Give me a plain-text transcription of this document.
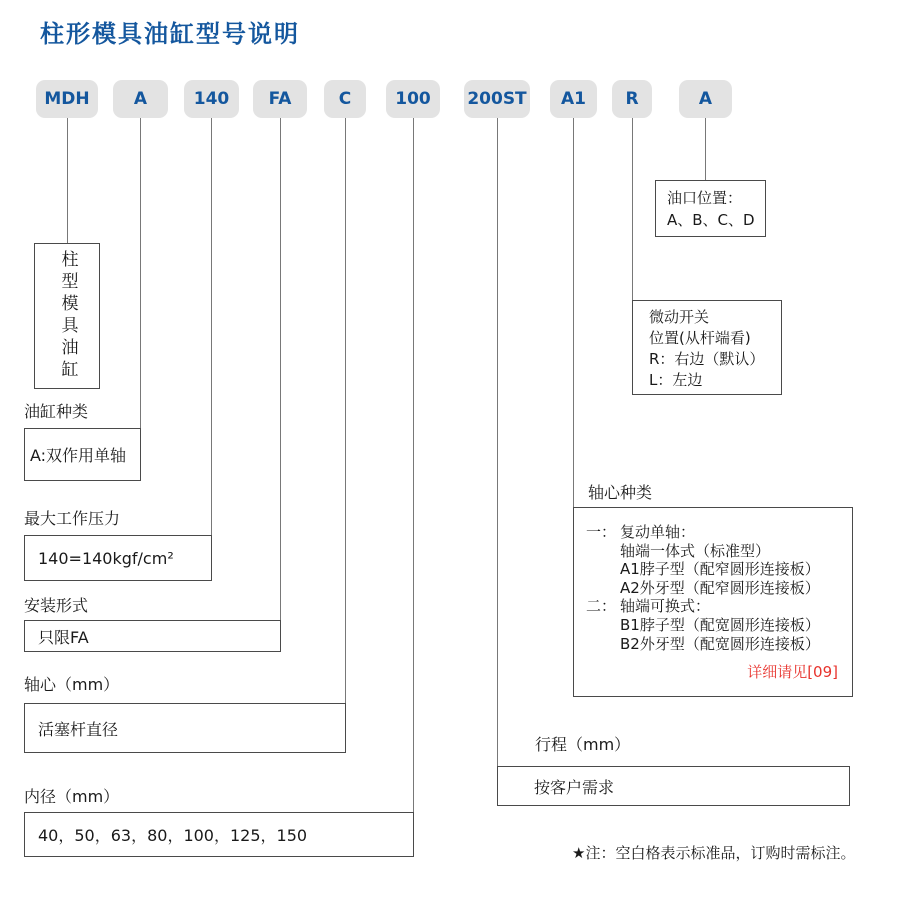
柱形模具油缸型号说明
MDH	A	140	FA	C	100	200ST	A1	R	A
柱型模具油缸
油缸种类
A:双作用单轴
最大工作压力
140=140kgf/cm²
安装形式
只限FA
轴心（mm）
活塞杆直径
内径（mm）
40，50，63，80，100，125，150
行程（mm）
按客户需求
油口位置：
A、B、C、D
微动开关
位置(从杆端看)
R：右边（默认）
L：左边
轴心种类
一： 复动单轴：
轴端一体式（标准型）
A1脖子型（配窄圆形连接板）
A2外牙型（配窄圆形连接板）
二： 轴端可换式：
B1脖子型（配宽圆形连接板）
B2外牙型（配宽圆形连接板）
详细请见[09]
★注：空白格表示标准品，订购时需标注。
